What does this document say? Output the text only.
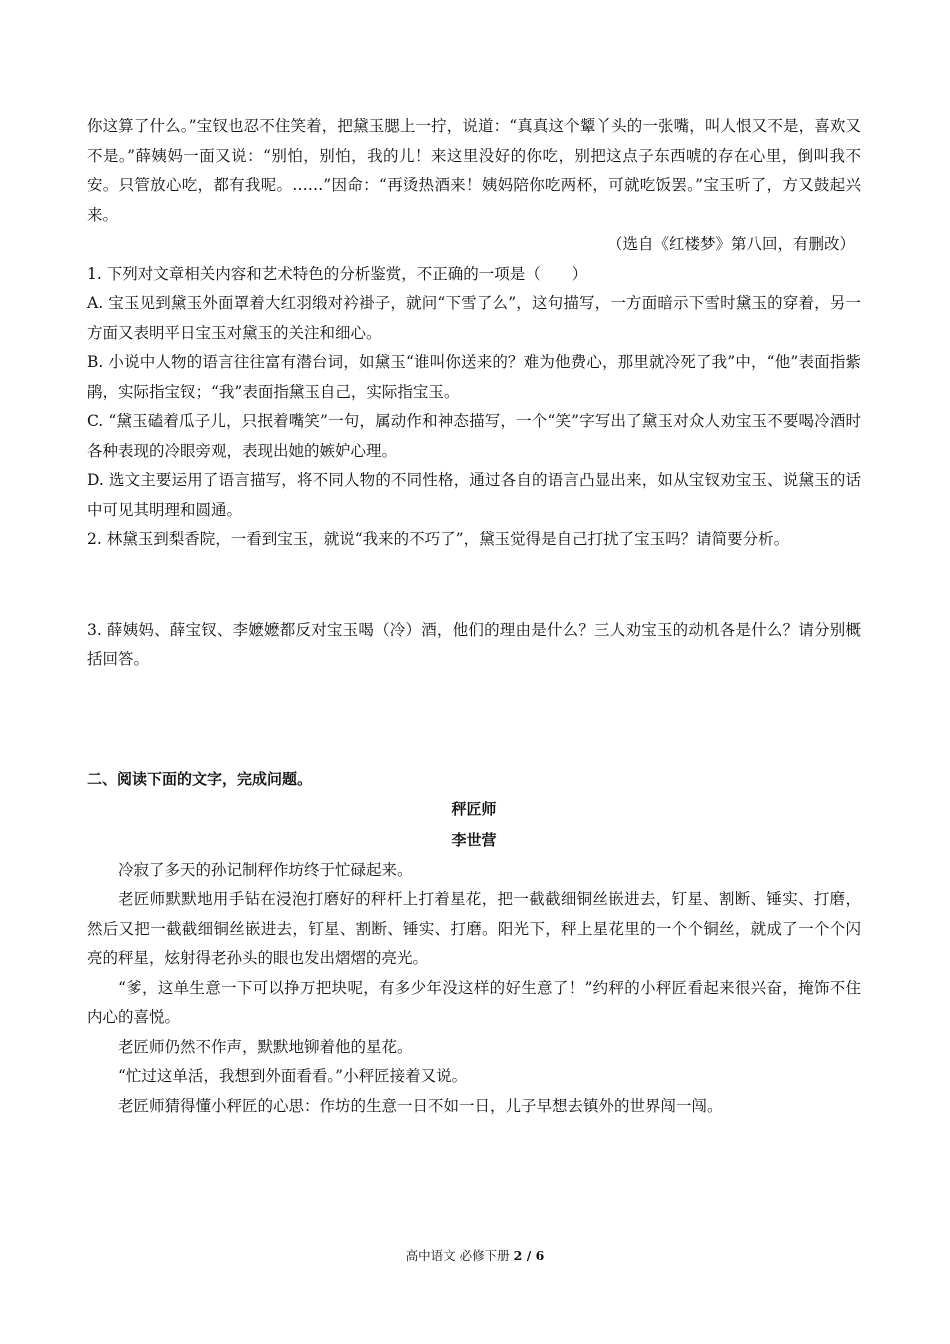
你这算了什么。”宝钗也忍不住笑着，把黛玉腮上一拧，说道：“真真这个颦丫头的一张嘴，叫人恨又不是，喜欢又不是。”薛姨妈一面又说：“别怕，别怕，我的儿！来这里没好的你吃，别把这点子东西唬的存在心里，倒叫我不安。只管放心吃，都有我呢。……”因命：“再烫热酒来！姨妈陪你吃两杯，可就吃饭罢。”宝玉听了，方又鼓起兴来。

（选自《红楼梦》第八回，有删改）

1. 下列对文章相关内容和艺术特色的分析鉴赏，不正确的一项是（　　）

A. 宝玉见到黛玉外面罩着大红羽缎对衿褂子，就问“下雪了么”，这句描写，一方面暗示下雪时黛玉的穿着，另一方面又表明平日宝玉对黛玉的关注和细心。

B. 小说中人物的语言往往富有潜台词，如黛玉“谁叫你送来的？难为他费心，那里就冷死了我”中，“他”表面指紫鹃，实际指宝钗；“我”表面指黛玉自己，实际指宝玉。

C. “黛玉磕着瓜子儿，只抿着嘴笑”一句，属动作和神态描写，一个“笑”字写出了黛玉对众人劝宝玉不要喝冷酒时各种表现的冷眼旁观，表现出她的嫉妒心理。

D. 选文主要运用了语言描写，将不同人物的不同性格，通过各自的语言凸显出来，如从宝钗劝宝玉、说黛玉的话中可见其明理和圆通。

2. 林黛玉到梨香院，一看到宝玉，就说“我来的不巧了”，黛玉觉得是自己打扰了宝玉吗？请简要分析。

3. 薛姨妈、薛宝钗、李嬷嬷都反对宝玉喝（冷）酒，他们的理由是什么？三人劝宝玉的动机各是什么？请分别概括回答。

二、阅读下面的文字，完成问题。

秤匠师

李世营

冷寂了多天的孙记制秤作坊终于忙碌起来。

老匠师默默地用手钻在浸泡打磨好的秤杆上打着星花，把一截截细铜丝嵌进去，钉星、割断、锤实、打磨，然后又把一截截细铜丝嵌进去，钉星、割断、锤实、打磨。阳光下，秤上星花里的一个个铜丝，就成了一个个闪亮的秤星，炫射得老孙头的眼也发出熠熠的亮光。

“爹，这单生意一下可以挣万把块呢，有多少年没这样的好生意了！”约秤的小秤匠看起来很兴奋，掩饰不住内心的喜悦。

老匠师仍然不作声，默默地铆着他的星花。

“忙过这单活，我想到外面看看。”小秤匠接着又说。

老匠师猜得懂小秤匠的心思：作坊的生意一日不如一日，儿子早想去镇外的世界闯一闯。

高中语文 必修下册 2 / 6
